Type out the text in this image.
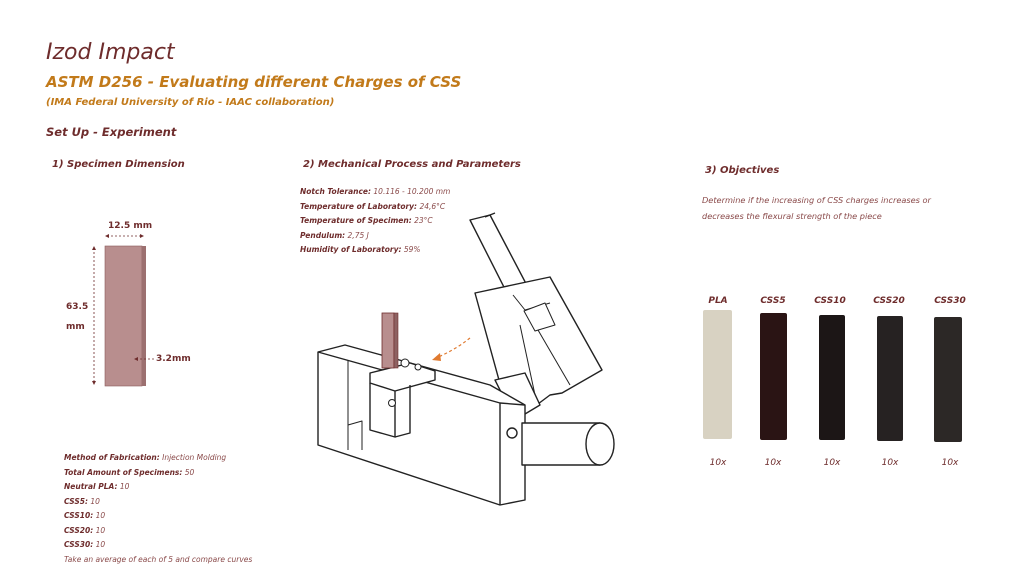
Izod Impact
ASTM D256 - Evaluating different Charges of CSS
(IMA Federal University of Rio - IAAC collaboration)
Set Up - Experiment
1) Specimen Dimension
12.5 mm
63.5
mm
3.2mm
Method of Fabrication: Injection Molding
Total Amount of Specimens: 50
Neutral PLA: 10
CSS5: 10
CSS10: 10
CSS20: 10
CSS30: 10
Take an average of each of 5 and compare curves
2) Mechanical Process and Parameters
Notch Tolerance: 10.116 - 10.200 mm
Temperature of Laboratory: 24,6°C
Temperature of Specimen: 23°C
Pendulum: 2,75 J
Humidity of Laboratory: 59%
3) Objectives
Determine if the increasing of CSS charges increases or decreases the flexural strength of the piece
PLA	CSS5	CSS10	CSS20	CSS30
10x	10x	10x	10x	10x
